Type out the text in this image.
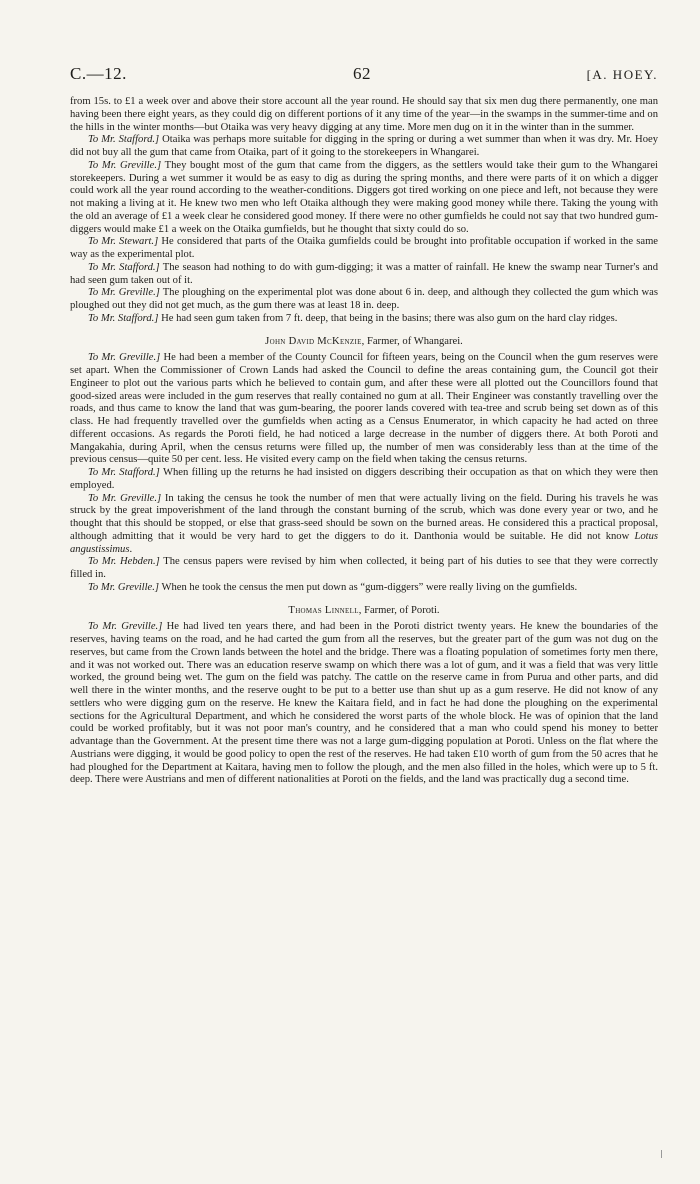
C.—12.	62	[A. HOEY.

from 15s. to £1 a week over and above their store account all the year round. He should say that six men dug there permanently, one man having been there eight years, as they could dig on different portions of it any time of the year—in the swamps in the summer-time and on the hills in the winter months—but Otaika was very heavy digging at any time. More men dug on it in the winter than in the summer.

To Mr. Stafford.] Otaika was perhaps more suitable for digging in the spring or during a wet summer than when it was dry. Mr. Hoey did not buy all the gum that came from Otaika, part of it going to the storekeepers in Whangarei.

To Mr. Greville.] They bought most of the gum that came from the diggers, as the settlers would take their gum to the Whangarei storekeepers. During a wet summer it would be as easy to dig as during the spring months, and there were parts of it on which a digger could work all the year round according to the weather-conditions. Diggers got tired working on one piece and left, not because they were not making a living at it. He knew two men who left Otaika although they were making good money while there. Taking the young with the old an average of £1 a week clear he considered good money. If there were no other gumfields he could not say that two hundred gum-diggers would make £1 a week on the Otaika gumfields, but he thought that sixty could do so.

To Mr. Stewart.] He considered that parts of the Otaika gumfields could be brought into profitable occupation if worked in the same way as the experimental plot.

To Mr. Stafford.] The season had nothing to do with gum-digging; it was a matter of rainfall. He knew the swamp near Turner's and had seen gum taken out of it.

To Mr. Greville.] The ploughing on the experimental plot was done about 6 in. deep, and although they collected the gum which was ploughed out they did not get much, as the gum there was at least 18 in. deep.

To Mr. Stafford.] He had seen gum taken from 7 ft. deep, that being in the basins; there was also gum on the hard clay ridges.

John David McKenzie, Farmer, of Whangarei.

To Mr. Greville.] He had been a member of the County Council for fifteen years, being on the Council when the gum reserves were set apart. When the Commissioner of Crown Lands had asked the Council to define the areas containing gum, the Council got their Engineer to plot out the various parts which he believed to contain gum, and after these were all plotted out the Councillors found that good-sized areas were included in the gum reserves that really contained no gum at all. Their Engineer was constantly travelling over the roads, and thus came to know the land that was gum-bearing, the poorer lands covered with tea-tree and scrub being set down as of this class. He had frequently travelled over the gumfields when acting as a Census Enumerator, in which capacity he had acted on three different occasions. As regards the Poroti field, he had noticed a large decrease in the number of diggers there. At both Poroti and Mangakahia, during April, when the census returns were filled up, the number of men was considerably less than at the time of the previous census—quite 50 per cent. less. He visited every camp on the field when taking the census returns.

To Mr. Stafford.] When filling up the returns he had insisted on diggers describing their occupation as that on which they were then employed.

To Mr. Greville.] In taking the census he took the number of men that were actually living on the field. During his travels he was struck by the great impoverishment of the land through the constant burning of the scrub, which was done every year or two, and he thought that this should be stopped, or else that grass-seed should be sown on the burned areas. He considered this a practical proposal, although admitting that it would be very hard to get the diggers to do it. Danthonia would be suitable. He did not know Lotus angustissimus.

To Mr. Hebden.] The census papers were revised by him when collected, it being part of his duties to see that they were correctly filled in.

To Mr. Greville.] When he took the census the men put down as “gum-diggers” were really living on the gumfields.

Thomas Linnell, Farmer, of Poroti.

To Mr. Greville.] He had lived ten years there, and had been in the Poroti district twenty years. He knew the boundaries of the reserves, having teams on the road, and he had carted the gum from all the reserves, but the greater part of the gum was not dug on the reserves, but came from the Crown lands between the hotel and the bridge. There was a floating population of sometimes forty men there, and it was not worked out. There was an education reserve swamp on which there was a lot of gum, and it was a field that was very little worked, the ground being wet. The gum on the field was patchy. The cattle on the reserve came in from Purua and other parts, and did well there in the winter months, and the reserve ought to be put to a better use than shut up as a gum reserve. He did not know of any settlers who were digging gum on the reserve. He knew the Kaitara field, and in fact he had done the ploughing on the experimental sections for the Agricultural Department, and which he considered the worst parts of the whole block. He was of opinion that the land could be worked profitably, but it was not poor man's country, and he considered that a man who could spend his money to better advantage than the Government. At the present time there was not a large gum-digging population at Poroti. Unless on the flat where the Austrians were digging, it would be good policy to open the rest of the reserves. He had taken £10 worth of gum from the 50 acres that he had ploughed for the Department at Kaitara, having men to follow the plough, and the men also filled in the holes, which were up to 5 ft. deep. There were Austrians and men of different nationalities at Poroti on the fields, and the land was practically dug a second time.
